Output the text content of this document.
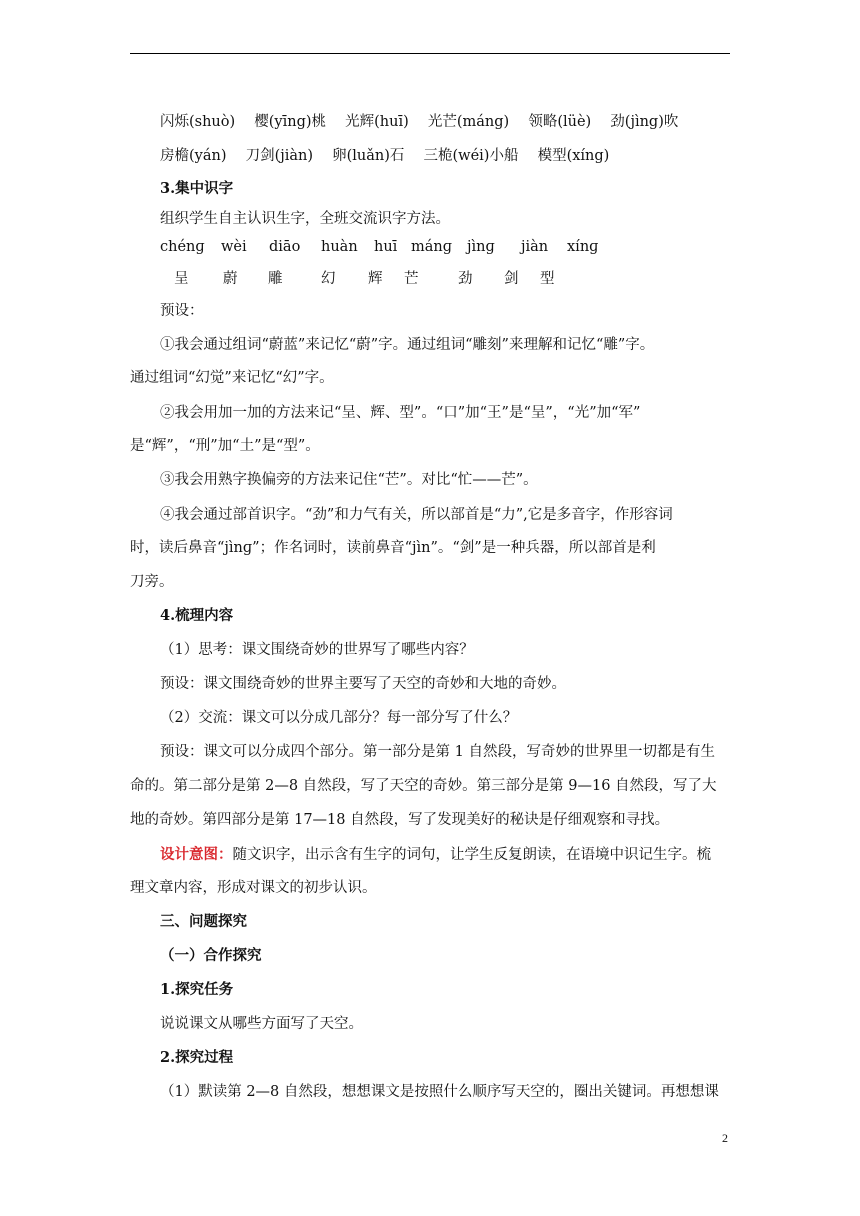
闪烁(shuò)  樱(yīng)桃  光辉(huī)  光芒(máng)  领略(lüè)  劲(jìng)吹
房檐(yán)  刀剑(jiàn)  卵(luǎn)石  三桅(wéi)小船  模型(xíng)
3.集中识字
组织学生自主认识生字，全班交流识字方法。
chénɡ wèi diāo huàn huī mánɡ jìnɡ jiàn xínɡ
呈 蔚 雕	幻 辉 芒	劲 剑 型
预设：
①我会通过组词“蔚蓝”来记忆“蔚”字。通过组词“雕刻”来理解和记忆“雕”字。
通过组词“幻觉”来记忆“幻”字。
②我会用加一加的方法来记“呈、辉、型”。“口”加“王”是“呈”，“光”加“军”
是“辉”，“刑”加“土”是“型”。
③我会用熟字换偏旁的方法来记住“芒”。对比“忙——芒”。
④我会通过部首识字。“劲”和力气有关，所以部首是“力”,它是多音字，作形容词
时，读后鼻音“jìnɡ”；作名词时，读前鼻音“jìn”。“剑”是一种兵器，所以部首是利
刀旁。
4.梳理内容
（1）思考：课文围绕奇妙的世界写了哪些内容？
预设：课文围绕奇妙的世界主要写了天空的奇妙和大地的奇妙。
（2）交流：课文可以分成几部分？每一部分写了什么？
预设：课文可以分成四个部分。第一部分是第 1 自然段，写奇妙的世界里一切都是有生
命的。第二部分是第 2—8 自然段，写了天空的奇妙。第三部分是第 9—16 自然段，写了大
地的奇妙。第四部分是第 17—18 自然段，写了发现美好的秘诀是仔细观察和寻找。
设计意图：随文识字，出示含有生字的词句，让学生反复朗读，在语境中识记生字。梳
理文章内容，形成对课文的初步认识。
三、问题探究
（一）合作探究
1.探究任务
说说课文从哪些方面写了天空。
2.探究过程
（1）默读第 2—8 自然段，想想课文是按照什么顺序写天空的，圈出关键词。再想想课
2
